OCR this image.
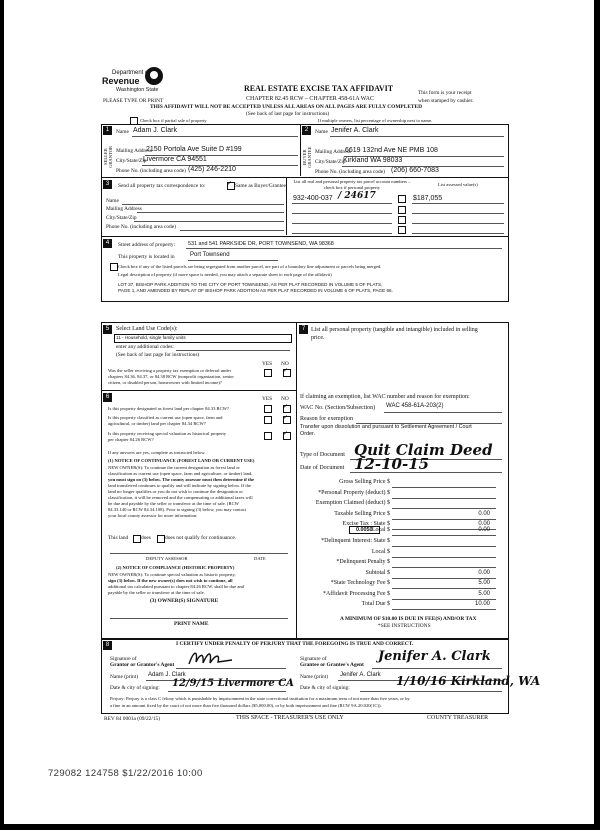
Department of
Revenue
Washington State
PLEASE TYPE OR PRINT
REAL ESTATE EXCISE TAX AFFIDAVIT
CHAPTER 82.45 RCW – CHAPTER 458-61A WAC
THIS AFFIDAVIT WILL NOT BE ACCEPTED UNLESS ALL AREAS ON ALL PAGES ARE FULLY COMPLETED
(See back of last page for instructions)
This form is your receipt
when stamped by cashier.
Check box if partial sale of property	If multiple owners, list percentage of ownership next to name.
1
SELLER GRANTOR
Name Adam J. Clark
Mailing Address
2150 Portola Ave Suite D #199
City/State/Zip
Livermore CA 94551
Phone No. (including area code) (425) 246-2210
2
BUYER GRANTEE
Name Jenifer A. Clark
Mailing Address
6619 132nd Ave NE PMB 108
City/State/Zip
Kirkland WA 98033
Phone No. (including area code) (206) 660-7083
3	Send all property tax correspondence to:	✓ Same as Buyer/Grantee
Name
Mailing Address
City/State/Zip
Phone No. (including area code)
List all real and personal property tax parcel account numbers – check box if personal property
List assessed value(s)
932-400-037 / 24617	$187,055
4	Street address of property: 531 and 541 PARKSIDE DR, PORT TOWNSEND, WA 98368
This property is located in	Port Townsend
Check box if any of the listed parcels are being segregated from another parcel, are part of a boundary line adjustment or parcels being merged.
Legal description of property (if more space is needed, you may attach a separate sheet to each page of the affidavit)
LOT 37, BISHOP PARK ADDITION TO THE CITY OF PORT TOWNSEND, AS PER PLAT RECORDED IN VOLUME 5 OF PLATS,
PAGE 1, AND AMENDED BY REPLAT OF BISHOP PARK ADDITION AS PER PLAT RECORDED IN VOLUME 6 OF PLATS, PAGE 66.
5	Select Land Use Code(s):
11 - Household, single family units
enter any additional codes:
(See back of last page for instructions)
YES NO
Was the seller receiving a property tax exemption or deferral under
chapters 84.36, 84.37, or 84.38 RCW (nonprofit organization, senior
citizen, or disabled person, homeowner with limited income)?
✓
6	YES NO
Is this property designated as forest land per chapter 84.33 RCW?	✓
Is this property classified as current use (open space, farm and
agricultural, or timber) land per chapter 84.34 RCW?
✓
Is this property receiving special valuation as historical property
per chapter 84.26 RCW?
✓
If any answers are yes, complete as instructed below.
(1) NOTICE OF CONTINUANCE (FOREST LAND OR CURRENT USE)
NEW OWNER(S): To continue the current designation as forest land or
classification as current use (open space, farm and agriculture, or timber) land,
you must sign on (3) below. The county assessor must then determine if the
land transferred continues to qualify and will indicate by signing below. If the
land no longer qualifies or you do not wish to continue the designation or
classification, it will be removed and the compensating or additional taxes will
be due and payable by the seller or transferor at the time of sale. (RCW
84.33.140 or RCW 84.34.108). Prior to signing (3) below, you may contact
your local county assessor for more information.
This land does	does not qualify for continuance.
DEPUTY ASSESSOR	DATE
(2) NOTICE OF COMPLIANCE (HISTORIC PROPERTY)
NEW OWNER(S): To continue special valuation as historic property,
sign (3) below. If the new owner(s) does not wish to continue, all
additional tax calculated pursuant to chapter 84.26 RCW, shall be due and
payable by the seller or transferor at the time of sale.
(3) OWNER(S) SIGNATURE
PRINT NAME
7 List all personal property (tangible and intangible) included in selling
price.
If claiming an exemption, list WAC number and reason for exemption:
WAC No. (Section/Subsection) WAC 458-61A-203(2)
Reason for exemption
Transfer upon dissolution and pursuant to Settlement Agreement / Court
Order.
Type of Document Quit Claim Deed
Date of Document 12-10-15
Gross Selling Price $
*Personal Property (deduct) $
Exemption Claimed (deduct) $
Taxable Selling Price $	0.00
Excise Tax : State $	0.00
0.0050 Local $	0.00
*Delinquent Interest: State $
Local $
*Delinquent Penalty $
Subtotal $	0.00
*State Technology Fee $	5.00
*Affidavit Processing Fee $	5.00
Total Due $	10.00
A MINIMUM OF $10.00 IS DUE IN FEE(S) AND/OR TAX
*SEE INSTRUCTIONS
8	I CERTIFY UNDER PENALTY OF PERJURY THAT THE FOREGOING IS TRUE AND CORRECT.
Signature of
Grantor or Grantor's Agent
Name (print) Adam J. Clark
Date & city of signing: 12/9/15 Livermore CA
Signature of
Grantee or Grantee's Agent
Jenifer A. Clark
Name (print) Jenifer A. Clark
Date & city of signing:	1/10/16 Kirkland, WA
Perjury: Perjury is a class C felony which is punishable by imprisonment in the state correctional institution for a maximum term of not more than five years, or by
a fine in an amount fixed by the court of not more than five thousand dollars ($5,000.00), or by both imprisonment and fine (RCW 9A.20.020(1C)).
REV 84 0001a (09/22/15)	THIS SPACE - TREASURER'S USE ONLY	COUNTY TREASURER
729082 124758 $1/22/2016 10:00
